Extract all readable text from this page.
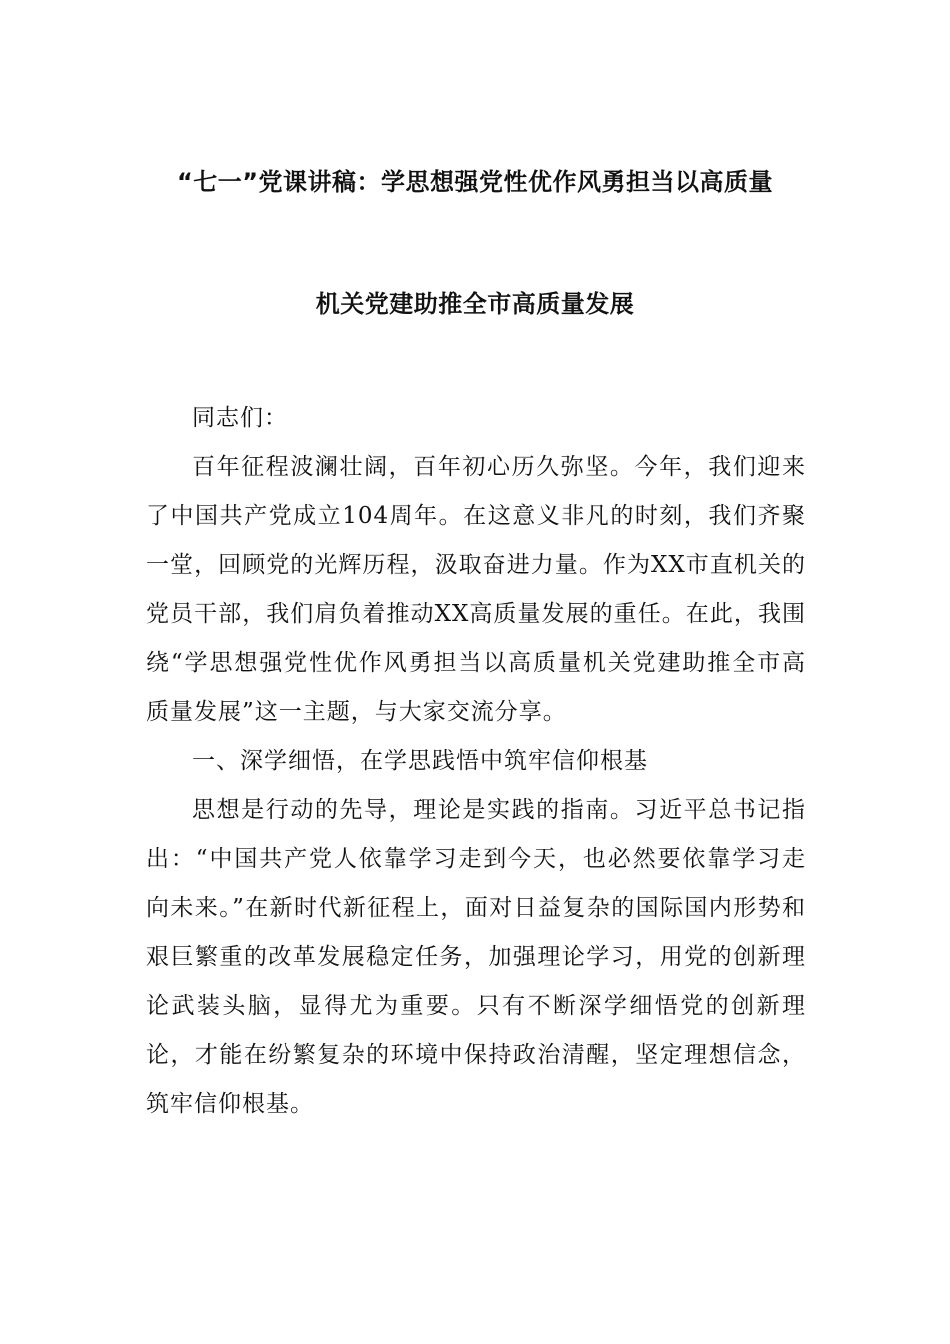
“七一”党课讲稿：学思想强党性优作风勇担当以高质量
机关党建助推全市高质量发展

同志们：

百年征程波澜壮阔，百年初心历久弥坚。今年，我们迎来了中国共产党成立104周年。在这意义非凡的时刻，我们齐聚一堂，回顾党的光辉历程，汲取奋进力量。作为XX市直机关的党员干部，我们肩负着推动XX高质量发展的重任。在此，我围绕“学思想强党性优作风勇担当以高质量机关党建助推全市高质量发展”这一主题，与大家交流分享。

一、深学细悟，在学思践悟中筑牢信仰根基

思想是行动的先导，理论是实践的指南。习近平总书记指出：“中国共产党人依靠学习走到今天，也必然要依靠学习走向未来。”在新时代新征程上，面对日益复杂的国际国内形势和艰巨繁重的改革发展稳定任务，加强理论学习，用党的创新理论武装头脑，显得尤为重要。只有不断深学细悟党的创新理论，才能在纷繁复杂的环境中保持政治清醒，坚定理想信念，筑牢信仰根基。
